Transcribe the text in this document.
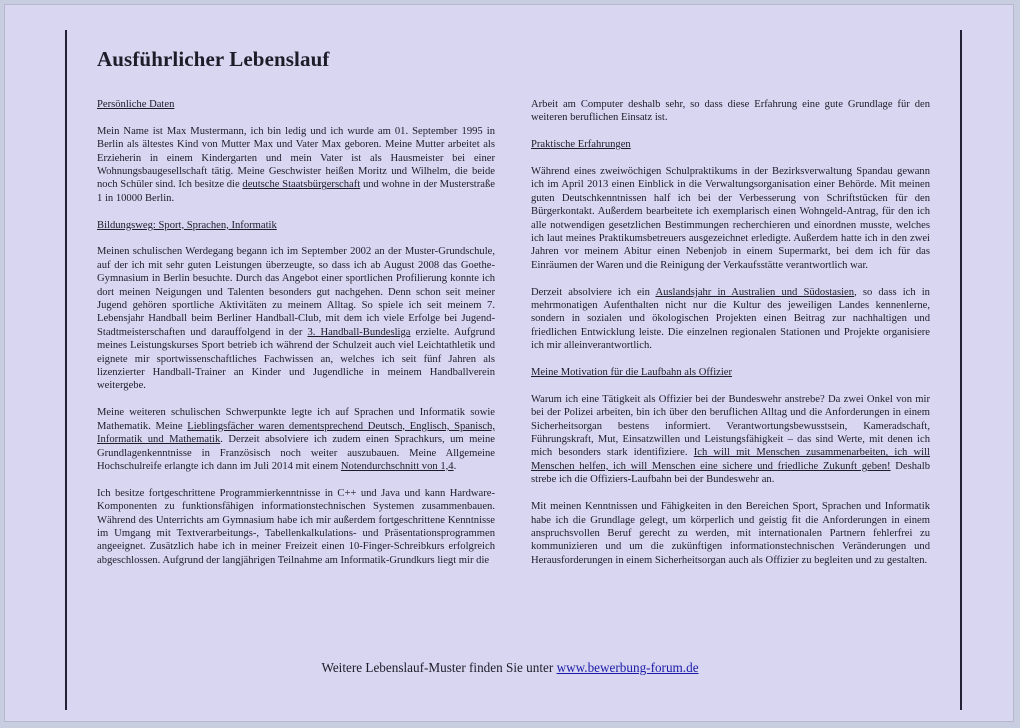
Ausführlicher Lebenslauf
Persönliche Daten

Mein Name ist Max Mustermann, ich bin ledig und ich wurde am 01. September 1995 in Berlin als ältestes Kind von Mutter Max und Vater Max geboren. Meine Mutter arbeitet als Erzieherin in einem Kindergarten und mein Vater ist als Hausmeister bei einer Wohnungsbaugesellschaft tätig. Meine Geschwister heißen Moritz und Wilhelm, die beide noch Schüler sind. Ich besitze die deutsche Staatsbürgerschaft und wohne in der Musterstraße 1 in 10000 Berlin.

Bildungsweg: Sport, Sprachen, Informatik

Meinen schulischen Werdegang begann ich im September 2002 an der Muster-Grundschule, auf der ich mit sehr guten Leistungen überzeugte, so dass ich ab August 2008 das Goethe-Gymnasium in Berlin besuchte. Durch das Angebot einer sportlichen Profilierung konnte ich dort meinen Neigungen und Talenten besonders gut nachgehen. Denn schon seit meiner Jugend gehören sportliche Aktivitäten zu meinem Alltag. So spiele ich seit meinem 7. Lebensjahr Handball beim Berliner Handball-Club, mit dem ich viele Erfolge bei Jugend-Stadtmeisterschaften und darauffolgend in der 3. Handball-Bundesliga erzielte. Aufgrund meines Leistungskurses Sport betrieb ich während der Schulzeit auch viel Leichtathletik und eignete mir sportwissenschaftliches Fachwissen an, welches ich seit fünf Jahren als lizenzierter Handball-Trainer an Kinder und Jugendliche in meinem Handballverein weitergebe.

Meine weiteren schulischen Schwerpunkte legte ich auf Sprachen und Informatik sowie Mathematik. Meine Lieblingsfächer waren dementsprechend Deutsch, Englisch, Spanisch, Informatik und Mathematik. Derzeit absolviere ich zudem einen Sprachkurs, um meine Grundlagenkenntnisse in Französisch noch weiter auszubauen. Meine Allgemeine Hochschulreife erlangte ich dann im Juli 2014 mit einem Notendurchschnitt von 1,4.

Ich besitze fortgeschrittene Programmierkenntnisse in C++ und Java und kann Hardware-Komponenten zu funktionsfähigen informationstechnischen Systemen zusammenbauen. Während des Unterrichts am Gymnasium habe ich mir außerdem fortgeschrittene Kenntnisse im Umgang mit Textverarbeitungs-, Tabellenkalkulations- und Präsentationsprogrammen angeeignet. Zusätzlich habe ich in meiner Freizeit einen 10-Finger-Schreibkurs erfolgreich abgeschlossen. Aufgrund der langjährigen Teilnahme am Informatik-Grundkurs liegt mir die

Arbeit am Computer deshalb sehr, so dass diese Erfahrung eine gute Grundlage für den weiteren beruflichen Einsatz ist.

Praktische Erfahrungen

Während eines zweiwöchigen Schulpraktikums in der Bezirksverwaltung Spandau gewann ich im April 2013 einen Einblick in die Verwaltungsorganisation einer Behörde. Mit meinen guten Deutschkenntnissen half ich bei der Verbesserung von Schriftstücken für den Bürgerkontakt. Außerdem bearbeitete ich exemplarisch einen Wohngeld-Antrag, für den ich alle notwendigen gesetzlichen Bestimmungen recherchieren und einordnen musste, welches ich laut meines Praktikumsbetreuers ausgezeichnet erledigte. Außerdem hatte ich in den zwei Jahren vor meinem Abitur einen Nebenjob in einem Supermarkt, bei dem ich für das Einräumen der Waren und die Reinigung der Verkaufsstätte verantwortlich war.

Derzeit absolviere ich ein Auslandsjahr in Australien und Südostasien, so dass ich in mehrmonatigen Aufenthalten nicht nur die Kultur des jeweiligen Landes kennenlerne, sondern in sozialen und ökologischen Projekten einen Beitrag zur nachhaltigen und friedlichen Entwicklung leiste. Die einzelnen regionalen Stationen und Projekte organisiere ich mir alleinverantwortlich.

Meine Motivation für die Laufbahn als Offizier

Warum ich eine Tätigkeit als Offizier bei der Bundeswehr anstrebe? Da zwei Onkel von mir bei der Polizei arbeiten, bin ich über den beruflichen Alltag und die Anforderungen in einem Sicherheitsorgan bestens informiert. Verantwortungsbewusstsein, Kameradschaft, Führungskraft, Mut, Einsatzwillen und Leistungsfähigkeit – das sind Werte, mit denen ich mich besonders stark identifiziere. Ich will mit Menschen zusammenarbeiten, ich will Menschen helfen, ich will Menschen eine sichere und friedliche Zukunft geben! Deshalb strebe ich die Offiziers-Laufbahn bei der Bundeswehr an.

Mit meinen Kenntnissen und Fähigkeiten in den Bereichen Sport, Sprachen und Informatik habe ich die Grundlage gelegt, um körperlich und geistig fit die Anforderungen in einem anspruchsvollen Beruf gerecht zu werden, mit internationalen Partnern fehlerfrei zu kommunizieren und um die zukünftigen informationstechnischen Veränderungen und Herausforderungen in einem Sicherheitsorgan auch als Offizier zu begleiten und zu gestalten.

Weitere Lebenslauf-Muster finden Sie unter www.bewerbung-forum.de
